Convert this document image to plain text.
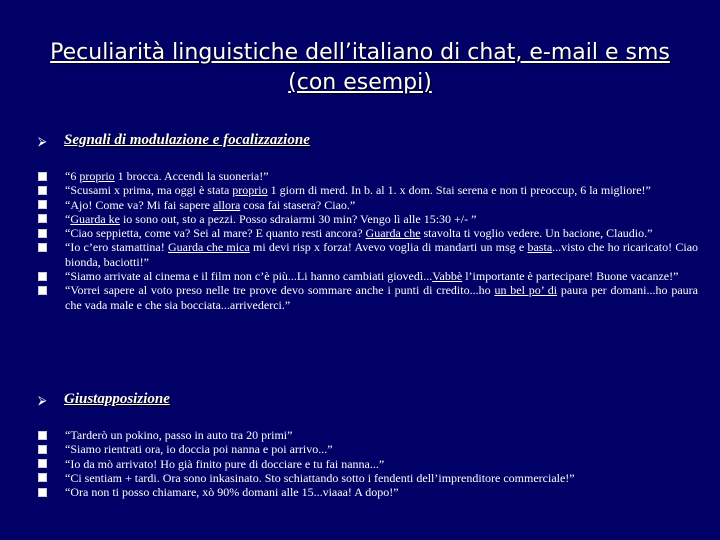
Peculiarità linguistiche dell’italiano di chat, e-mail e sms
(con esempi)
⮚	Segnali di modulazione e focalizzazione
“6 proprio 1 brocca. Accendi la suoneria!”
“Scusami x prima, ma oggi è stata proprio 1 giorn di merd. In b. al 1. x dom. Stai serena e non ti preoccup, 6 la migliore!”
“Ajo! Come va? Mi fai sapere allora cosa fai stasera? Ciao.”
“Guarda ke io sono out, sto a pezzi. Posso sdraiarmi 30 min? Vengo lì alle 15:30 +/- ”
“Ciao seppietta, come va? Sei al mare? E quanto resti ancora? Guarda che stavolta ti voglio vedere. Un bacione, Claudio.”
“Io c’ero stamattina! Guarda che mica mi devi risp x forza! Avevo voglia di mandarti un msg e basta...visto che ho ricaricato! Ciao bionda, baciotti!”
“Siamo arrivate al cinema e il film non c’è più...Li hanno cambiati giovedì...Vabbè l’importante è partecipare! Buone vacanze!”
“Vorrei sapere al voto preso nelle tre prove devo sommare anche i punti di credito...ho un bel po’ di paura per domani...ho paura che vada male e che sia bocciata...arrivederci.”
⮚	Giustapposizione
“Tarderò un pokino, passo in auto tra 20 primi”
“Siamo rientrati ora, io doccia poi nanna e poi arrivo...”
“Io da mò arrivato! Ho già finito pure di docciare e tu fai nanna...”
“Ci sentiam + tardi. Ora sono inkasinato. Sto schiattando sotto i fendenti dell’imprenditore commerciale!”
“Ora non ti posso chiamare, xò 90% domani alle 15...viaaa! A dopo!”
